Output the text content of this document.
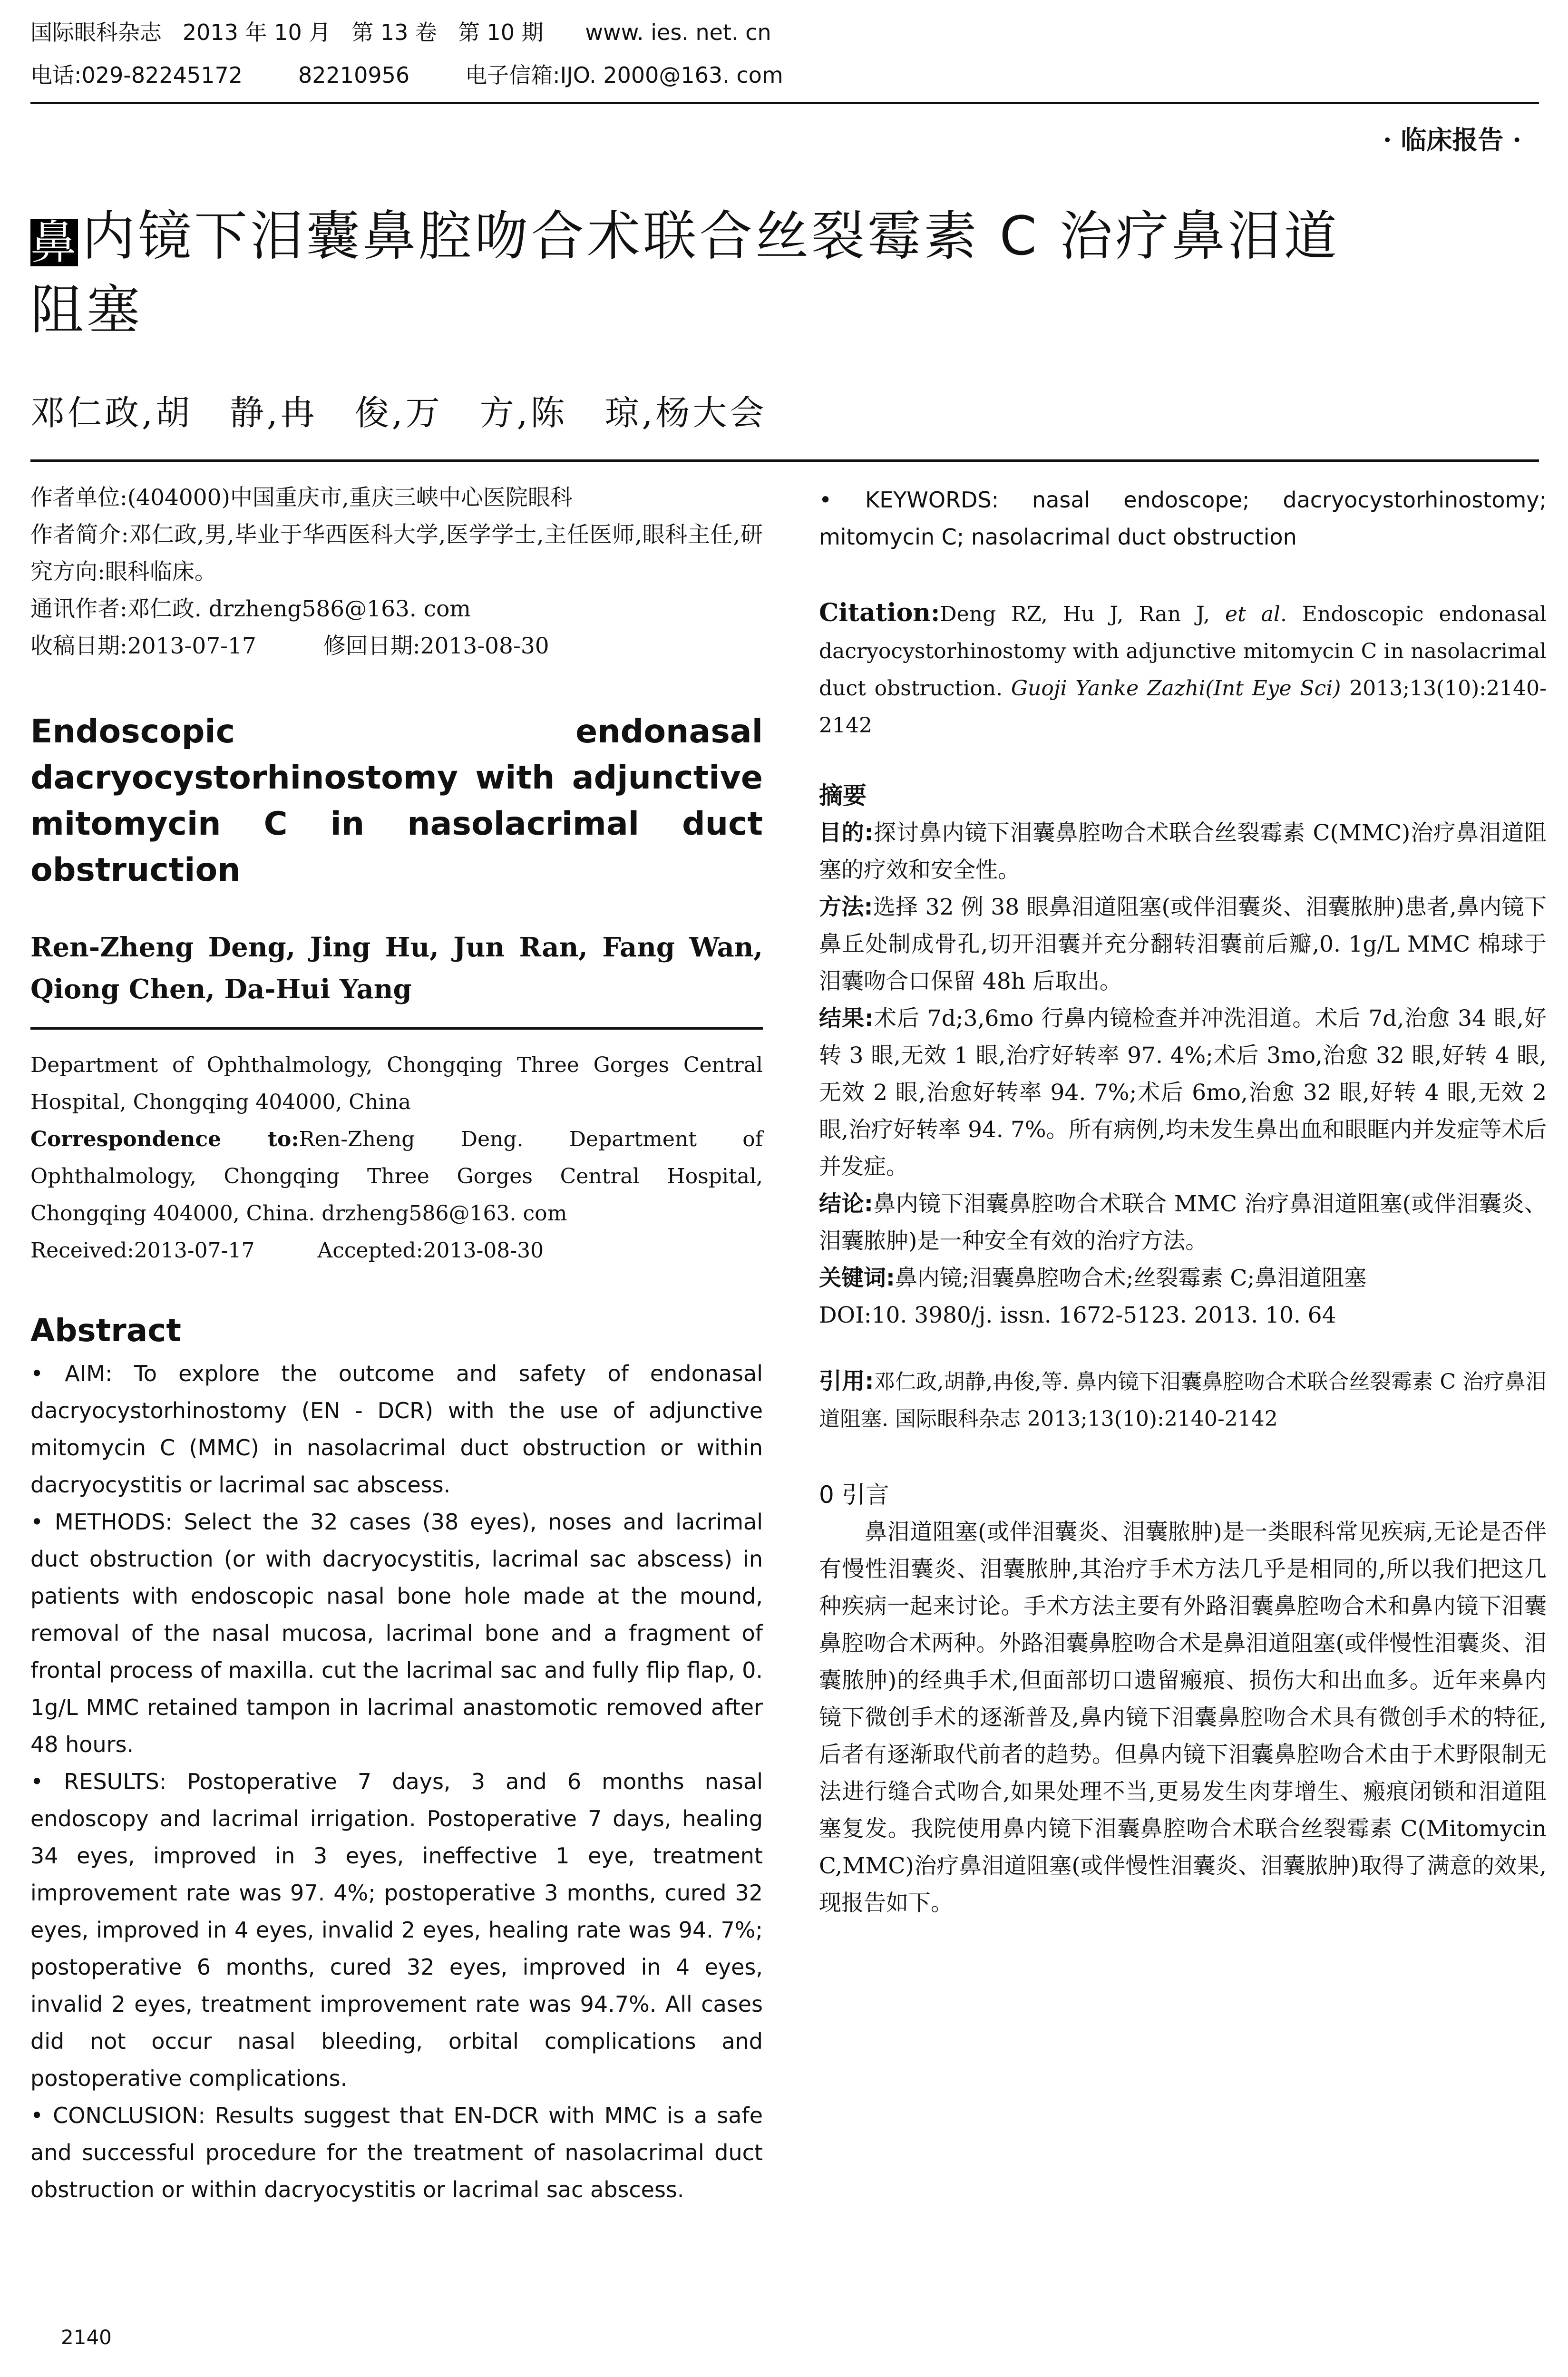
国际眼科杂志   2013 年 10 月   第 13 卷   第 10 期      www. ies. net. cn
电话:029-82245172        82210956        电子信箱:IJO. 2000@163. com
· 临床报告 ·
鼻内镜下泪囊鼻腔吻合术联合丝裂霉素 C 治疗鼻泪道
阻塞
邓仁政,胡　静,冉　俊,万　方,陈　琼,杨大会

作者单位:(404000)中国重庆市,重庆三峡中心医院眼科

作者简介:邓仁政,男,毕业于华西医科大学,医学学士,主任医师,眼科主任,研究方向:眼科临床。

通讯作者:邓仁政. drzheng586@163. com

收稿日期:2013-07-17　　　修回日期:2013-08-30

Endoscopic endonasal dacryocystorhinostomy with adjunctive mitomycin C in nasolacrimal duct obstruction
Ren-Zheng Deng, Jing Hu, Jun Ran, Fang Wan, Qiong Chen, Da-Hui Yang

Department of Ophthalmology, Chongqing Three Gorges Central Hospital, Chongqing 404000, China

Correspondence to:Ren-Zheng Deng. Department of Ophthalmology, Chongqing Three Gorges Central Hospital, Chongqing 404000, China. drzheng586@163. com

Received:2013-07-17　　　Accepted:2013-08-30

Abstract

• AIM: To explore the outcome and safety of endonasal dacryocystorhinostomy (EN - DCR) with the use of adjunctive mitomycin C (MMC) in nasolacrimal duct obstruction or within dacryocystitis or lacrimal sac abscess.

• METHODS: Select the 32 cases (38 eyes), noses and lacrimal duct obstruction (or with dacryocystitis, lacrimal sac abscess) in patients with endoscopic nasal bone hole made at the mound, removal of the nasal mucosa, lacrimal bone and a fragment of frontal process of maxilla. cut the lacrimal sac and fully flip flap, 0. 1g/L MMC retained tampon in lacrimal anastomotic removed after 48 hours.

• RESULTS: Postoperative 7 days, 3 and 6 months nasal endoscopy and lacrimal irrigation. Postoperative 7 days, healing 34 eyes, improved in 3 eyes, ineffective 1 eye, treatment improvement rate was 97. 4%; postoperative 3 months, cured 32 eyes, improved in 4 eyes, invalid 2 eyes, healing rate was 94. 7%; postoperative 6 months, cured 32 eyes, improved in 4 eyes, invalid 2 eyes, treatment improvement rate was 94.7%. All cases did not occur nasal bleeding, orbital complications and postoperative complications.

• CONCLUSION: Results suggest that EN-DCR with MMC is a safe and successful procedure for the treatment of nasolacrimal duct obstruction or within dacryocystitis or lacrimal sac abscess.

• KEYWORDS: nasal endoscope; dacryocystorhinostomy; mitomycin C; nasolacrimal duct obstruction
Citation:Deng RZ, Hu J, Ran J, et al. Endoscopic endonasal dacryocystorhinostomy with adjunctive mitomycin C in nasolacrimal duct obstruction. Guoji Yanke Zazhi(Int Eye Sci) 2013;13(10):2140-2142
摘要

目的:探讨鼻内镜下泪囊鼻腔吻合术联合丝裂霉素 C(MMC)治疗鼻泪道阻塞的疗效和安全性。

方法:选择 32 例 38 眼鼻泪道阻塞(或伴泪囊炎、泪囊脓肿)患者,鼻内镜下鼻丘处制成骨孔,切开泪囊并充分翻转泪囊前后瓣,0. 1g/L MMC 棉球于泪囊吻合口保留 48h 后取出。

结果:术后 7d;3,6mo 行鼻内镜检查并冲洗泪道。术后 7d,治愈 34 眼,好转 3 眼,无效 1 眼,治疗好转率 97. 4%;术后 3mo,治愈 32 眼,好转 4 眼,无效 2 眼,治愈好转率 94. 7%;术后 6mo,治愈 32 眼,好转 4 眼,无效 2 眼,治疗好转率 94. 7%。所有病例,均未发生鼻出血和眼眶内并发症等术后并发症。

结论:鼻内镜下泪囊鼻腔吻合术联合 MMC 治疗鼻泪道阻塞(或伴泪囊炎、泪囊脓肿)是一种安全有效的治疗方法。

关键词:鼻内镜;泪囊鼻腔吻合术;丝裂霉素 C;鼻泪道阻塞

DOI:10. 3980/j. issn. 1672-5123. 2013. 10. 64

引用:邓仁政,胡静,冉俊,等. 鼻内镜下泪囊鼻腔吻合术联合丝裂霉素 C 治疗鼻泪道阻塞. 国际眼科杂志 2013;13(10):2140-2142
0 引言
鼻泪道阻塞(或伴泪囊炎、泪囊脓肿)是一类眼科常见疾病,无论是否伴有慢性泪囊炎、泪囊脓肿,其治疗手术方法几乎是相同的,所以我们把这几种疾病一起来讨论。手术方法主要有外路泪囊鼻腔吻合术和鼻内镜下泪囊鼻腔吻合术两种。外路泪囊鼻腔吻合术是鼻泪道阻塞(或伴慢性泪囊炎、泪囊脓肿)的经典手术,但面部切口遗留瘢痕、损伤大和出血多。近年来鼻内镜下微创手术的逐渐普及,鼻内镜下泪囊鼻腔吻合术具有微创手术的特征,后者有逐渐取代前者的趋势。但鼻内镜下泪囊鼻腔吻合术由于术野限制无法进行缝合式吻合,如果处理不当,更易发生肉芽增生、瘢痕闭锁和泪道阻塞复发。我院使用鼻内镜下泪囊鼻腔吻合术联合丝裂霉素 C(Mitomycin C,MMC)治疗鼻泪道阻塞(或伴慢性泪囊炎、泪囊脓肿)取得了满意的效果,现报告如下。
2140
